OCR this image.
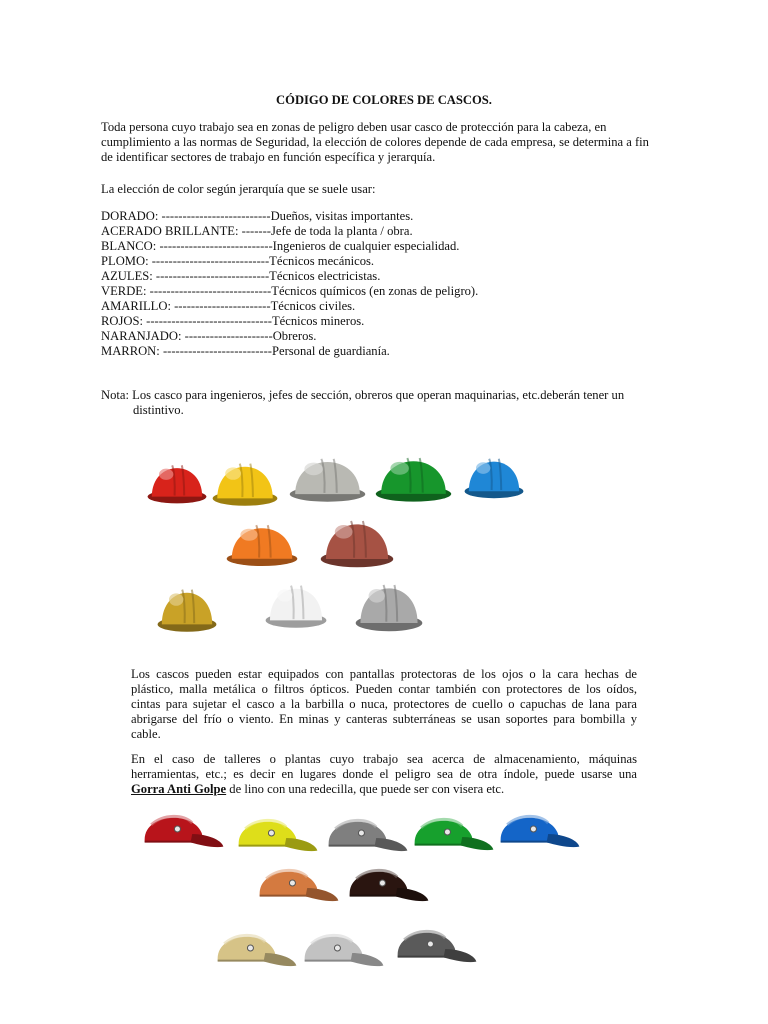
CÓDIGO DE COLORES DE CASCOS.
Toda persona cuyo trabajo sea en zonas de peligro deben usar casco de protección para la cabeza, en
cumplimiento a las normas de Seguridad, la elección de colores depende de cada empresa, se determina a fin
de identificar sectores de trabajo en función específica y jerarquía.
La elección de color según jerarquía que se suele usar:
DORADO: --------------------------Dueños, visitas importantes.
ACERADO BRILLANTE: -------Jefe de toda la planta / obra.
BLANCO: ---------------------------Ingenieros de cualquier especialidad.
PLOMO: ----------------------------Técnicos mecánicos.
AZULES: ---------------------------Técnicos electricistas.
VERDE: -----------------------------Técnicos químicos (en zonas de peligro).
AMARILLO: -----------------------Técnicos civiles.
ROJOS: ------------------------------Técnicos mineros.
NARANJADO: ---------------------Obreros.
MARRON: --------------------------Personal de guardianía.
Nota: Los casco para ingenieros, jefes de sección, obreros que operan maquinarias, etc.deberán tener un
distintivo.
Los cascos pueden estar equipados con pantallas protectoras de los ojos o la cara hechas de
plástico, malla metálica o filtros ópticos. Pueden contar también con protectores de los oídos,
cintas para sujetar el casco a la barbilla o nuca, protectores de cuello o capuchas de lana para
abrigarse del frío o viento. En minas y canteras subterráneas se usan soportes para bombilla y
cable.
En el caso de talleres o plantas cuyo trabajo sea acerca de almacenamiento, máquinas
herramientas, etc.; es decir en lugares donde el peligro sea de otra índole, puede usarse una
Gorra Anti Golpe de lino con una redecilla, que puede ser con visera etc.
